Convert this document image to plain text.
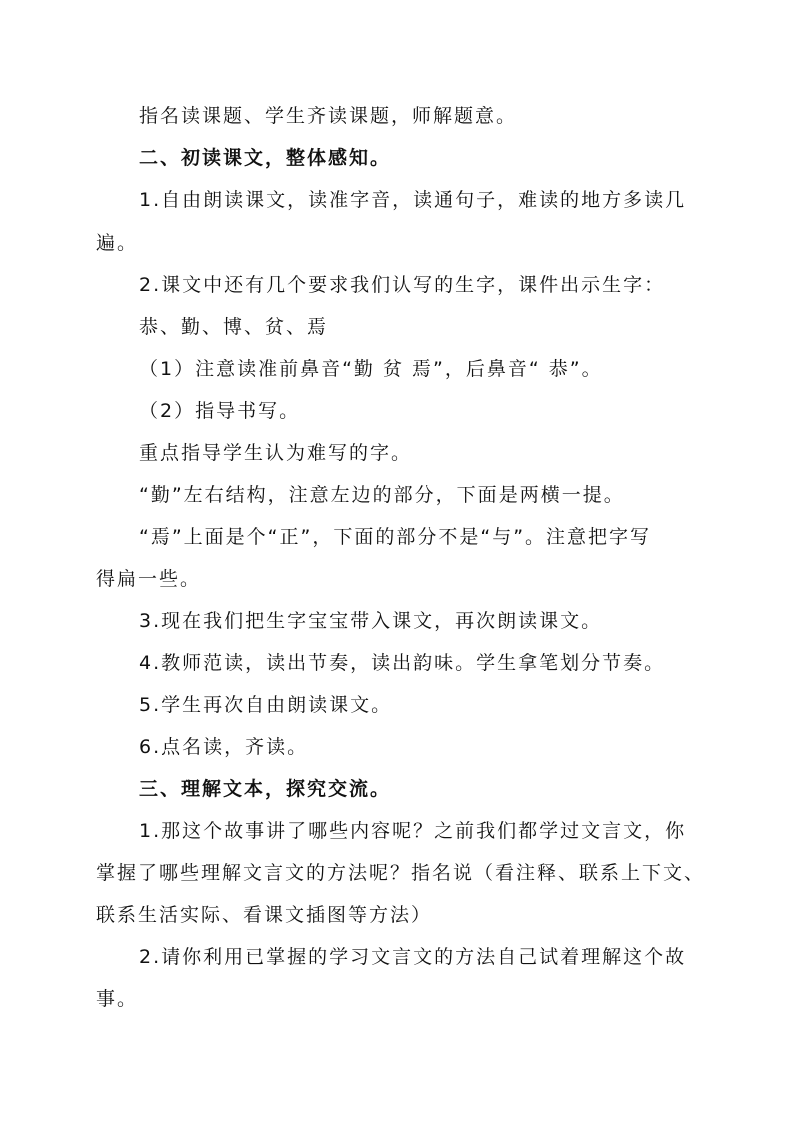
指名读课题、学生齐读课题，师解题意。
二、初读课文，整体感知。
1.自由朗读课文，读准字音，读通句子，难读的地方多读几
遍。
2.课文中还有几个要求我们认写的生字，课件出示生字：
恭、勤、博、贫、焉
（1）注意读准前鼻音“勤 贫 焉”，后鼻音“ 恭”。
（2）指导书写。
重点指导学生认为难写的字。
“勤”左右结构，注意左边的部分，下面是两横一提。
“焉”上面是个“正”，下面的部分不是“与”。注意把字写
得扁一些。
3.现在我们把生字宝宝带入课文，再次朗读课文。
4.教师范读，读出节奏，读出韵味。学生拿笔划分节奏。
5.学生再次自由朗读课文。
6.点名读，齐读。
三、理解文本，探究交流。
1.那这个故事讲了哪些内容呢？之前我们都学过文言文，你
掌握了哪些理解文言文的方法呢？指名说（看注释、联系上下文、
联系生活实际、看课文插图等方法）
2.请你利用已掌握的学习文言文的方法自己试着理解这个故
事。
